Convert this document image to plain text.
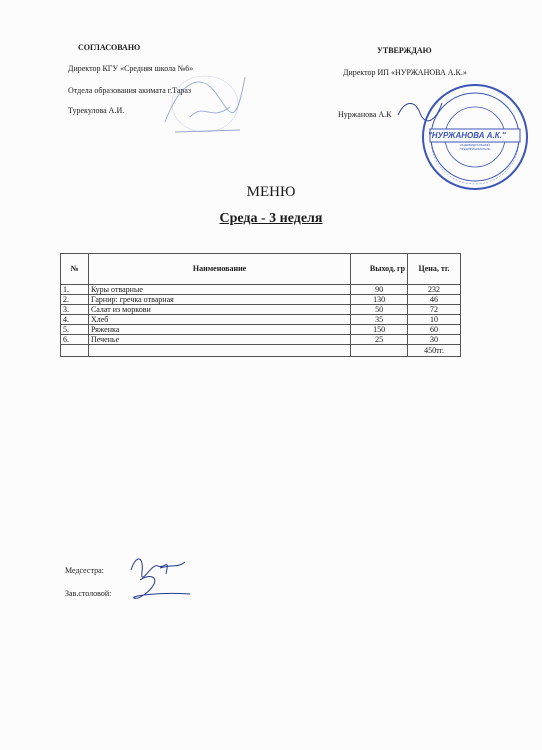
СОГЛАСОВАНО
Директор КГУ «Средняя школа №6»
Отдела образования акимата г.Тараз
Турекулова А.И.
УТВЕРЖДАЮ
Директор ИП «НУРЖАНОВА А.К.»
Нуржанова А.К
"НУРЖАНОВА А.К."
ИНДИВИДУАЛЬНЫЙ ПРЕДПРИНИМАТЕЛЬ
МЕНЮ
Среда - 3 неделя
№	Наименование	Выход, гр	Цена, тг.
1.	Куры отварные	90	232
2.	Гарнир: гречка отварная	130	46
3.	Салат из моркови	50	72
4.	Хлеб	35	10
5.	Ряженка	150	60
6.	Печенье	25	30
			450тг.
Медсестра:
Зав.столовой:
